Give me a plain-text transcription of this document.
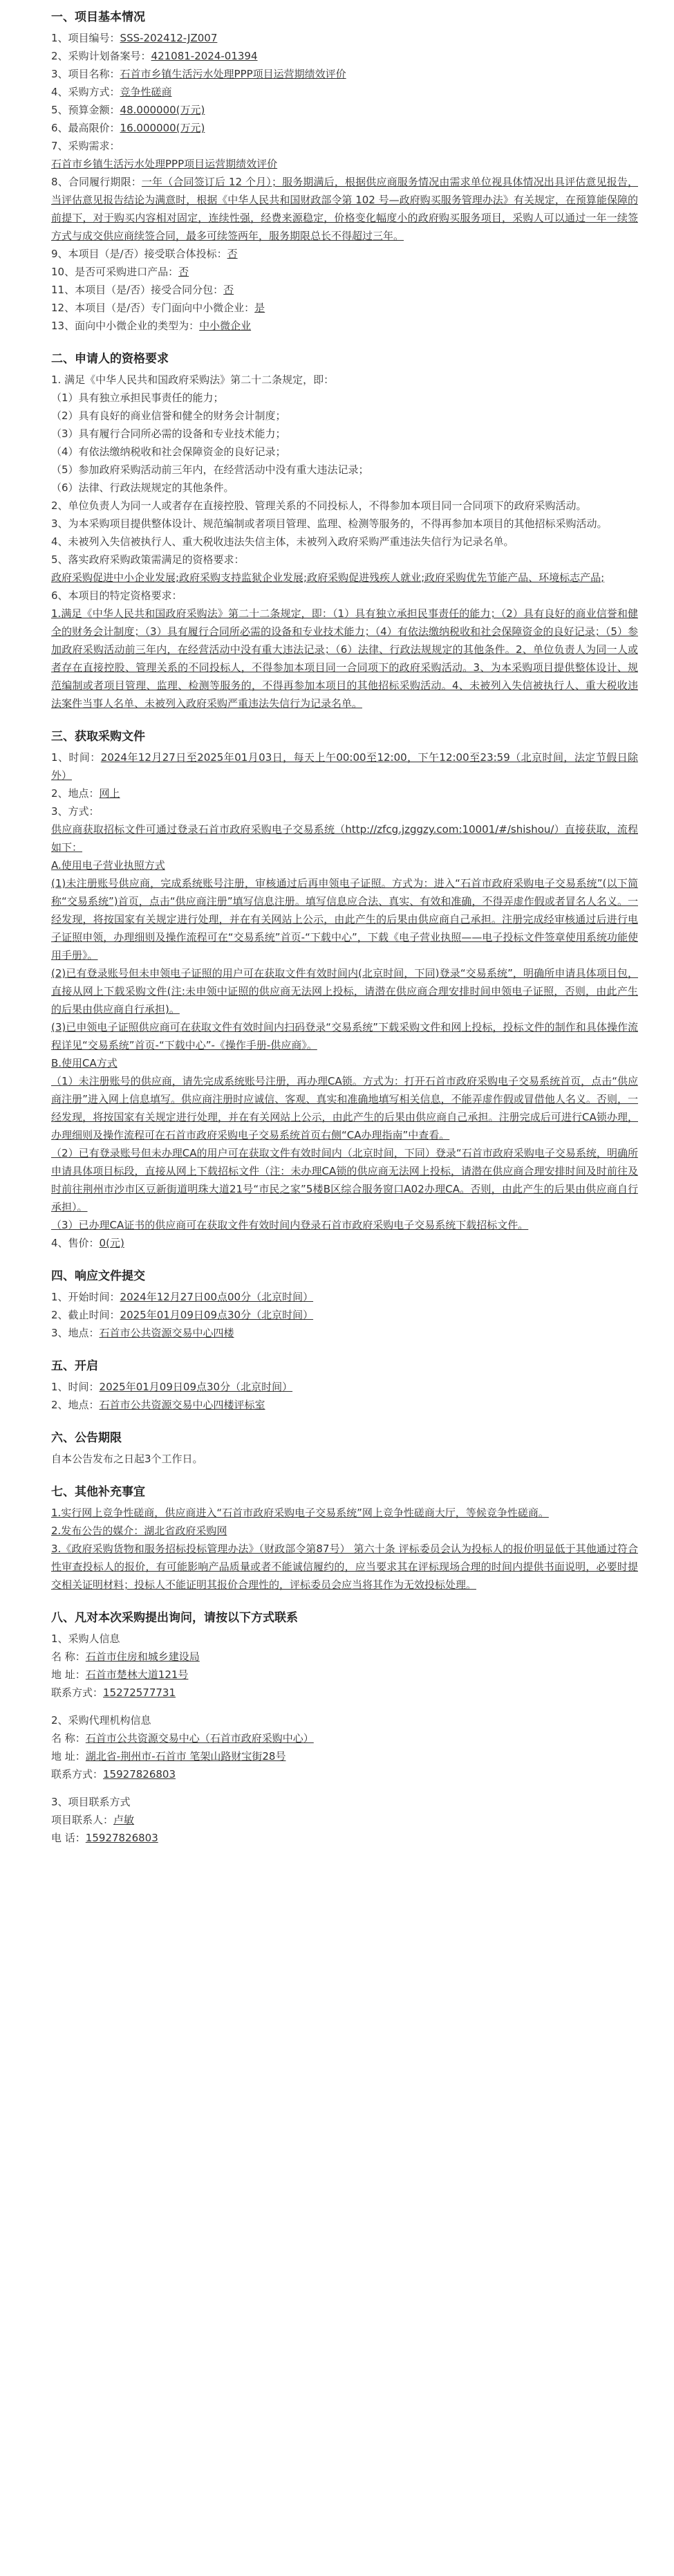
一、项目基本情况
1、项目编号：SSS-202412-JZ007
2、采购计划备案号：421081-2024-01394
3、项目名称：石首市乡镇生活污水处理PPP项目运营期绩效评价
4、采购方式：竞争性磋商
5、预算金额：48.000000(万元)
6、最高限价：16.000000(万元)
7、采购需求：
石首市乡镇生活污水处理PPP项目运营期绩效评价
8、合同履行期限：一年（合同签订后 12 个月）；服务期满后，根据供应商服务情况由需求单位视具体情况出具评估意见报告，当评估意见报告结论为满意时，根据《中华人民共和国财政部令第 102 号—政府购买服务管理办法》有关规定，在预算能保障的前提下，对于购买内容相对固定，连续性强，经费来源稳定，价格变化幅度小的政府购买服务项目，采购人可以通过一年一续签方式与成交供应商续签合同，最多可续签两年，服务期限总长不得超过三年。
9、本项目（是/否）接受联合体投标：否
10、是否可采购进口产品：否
11、本项目（是/否）接受合同分包：否
12、本项目（是/否）专门面向中小微企业：是
13、面向中小微企业的类型为：中小微企业
二、申请人的资格要求
1. 满足《中华人民共和国政府采购法》第二十二条规定，即：
（1）具有独立承担民事责任的能力；
（2）具有良好的商业信誉和健全的财务会计制度；
（3）具有履行合同所必需的设备和专业技术能力；
（4）有依法缴纳税收和社会保障资金的良好记录；
（5）参加政府采购活动前三年内，在经营活动中没有重大违法记录；
（6）法律、行政法规规定的其他条件。
2、单位负责人为同一人或者存在直接控股、管理关系的不同投标人，不得参加本项目同一合同项下的政府采购活动。
3、为本采购项目提供整体设计、规范编制或者项目管理、监理、检测等服务的，不得再参加本项目的其他招标采购活动。
4、未被列入失信被执行人、重大税收违法失信主体，未被列入政府采购严重违法失信行为记录名单。
5、落实政府采购政策需满足的资格要求：
政府采购促进中小企业发展;政府采购支持监狱企业发展;政府采购促进残疾人就业;政府采购优先节能产品、环境标志产品;
6、本项目的特定资格要求：
1.满足《中华人民共和国政府采购法》第二十二条规定，即：（1）具有独立承担民事责任的能力；（2）具有良好的商业信誉和健全的财务会计制度；（3）具有履行合同所必需的设备和专业技术能力；（4）有依法缴纳税收和社会保障资金的良好记录；（5）参加政府采购活动前三年内，在经营活动中没有重大违法记录；（6）法律、行政法规规定的其他条件。2、单位负责人为同一人或者存在直接控股、管理关系的不同投标人，不得参加本项目同一合同项下的政府采购活动。3、为本采购项目提供整体设计、规范编制或者项目管理、监理、检测等服务的，不得再参加本项目的其他招标采购活动。4、未被列入失信被执行人、重大税收违法案件当事人名单、未被列入政府采购严重违法失信行为记录名单。
三、获取采购文件
1、时间：2024年12月27日至2025年01月03日，每天上午00:00至12:00，下午12:00至23:59（北京时间，法定节假日除外）
2、地点：网上
3、方式：
供应商获取招标文件可通过登录石首市政府采购电子交易系统（http://zfcg.jzggzy.com:10001/#/shishou/）直接获取，流程如下：
A.使用电子营业执照方式
(1)未注册账号供应商，完成系统账号注册，审核通过后再申领电子证照。方式为：进入“石首市政府采购电子交易系统”(以下简称“交易系统”)首页，点击“供应商注册”填写信息注册。填写信息应合法、真实、有效和准确，不得弄虚作假或者冒名人名义。一经发现，将按国家有关规定进行处理，并在有关网站上公示，由此产生的后果由供应商自己承担。注册完成经审核通过后进行电子证照申领，办理细则及操作流程可在“交易系统”首页-“下载中心”，下载《电子营业执照——电子投标文件签章使用系统功能使用手册》。
(2)已有登录账号但未申领电子证照的用户可在获取文件有效时间内(北京时间，下同)登录“交易系统”，明确所申请具体项目包，直接从网上下载采购文件(注:未申领中证照的供应商无法网上投标，请潜在供应商合理安排时间申领电子证照，否则，由此产生的后果由供应商自行承担)。
(3)已申领电子证照供应商可在获取文件有效时间内扫码登录“交易系统”下载采购文件和网上投标，投标文件的制作和具体操作流程详见“交易系统”首页-“下载中心”-《操作手册-供应商》。
B.使用CA方式
（1）未注册账号的供应商，请先完成系统账号注册，再办理CA锁。方式为：打开石首市政府采购电子交易系统首页，点击“供应商注册”进入网上信息填写。供应商注册时应诚信、客观、真实和准确地填写相关信息，不能弄虚作假或冒借他人名义。否则，一经发现，将按国家有关规定进行处理，并在有关网站上公示，由此产生的后果由供应商自己承担。注册完成后可进行CA锁办理，办理细则及操作流程可在石首市政府采购电子交易系统首页右侧“CA办理指南”中查看。
（2）已有登录账号但未办理CA的用户可在获取文件有效时间内（北京时间，下同）登录“石首市政府采购电子交易系统，明确所申请具体项目标段，直接从网上下载招标文件（注：未办理CA锁的供应商无法网上投标，请潜在供应商合理安排时间及时前往及时前往荆州市沙市区豆新街道明珠大道21号“市民之家”5楼B区综合服务窗口A02办理CA。否则，由此产生的后果由供应商自行承担）。
（3）已办理CA证书的供应商可在获取文件有效时间内登录石首市政府采购电子交易系统下载招标文件。
4、售价：0(元)
四、响应文件提交
1、开始时间：2024年12月27日00点00分（北京时间）
2、截止时间：2025年01月09日09点30分（北京时间）
3、地点：石首市公共资源交易中心四楼
五、开启
1、时间：2025年01月09日09点30分（北京时间）
2、地点：石首市公共资源交易中心四楼评标室
六、公告期限
自本公告发布之日起3个工作日。
七、其他补充事宜
1.实行网上竞争性磋商，供应商进入“石首市政府采购电子交易系统”网上竞争性磋商大厅，等候竞争性磋商。
2.发布公告的媒介：湖北省政府采购网
3.《政府采购货物和服务招标投标管理办法》（财政部令第87号） 第六十条 评标委员会认为投标人的报价明显低于其他通过符合性审查投标人的报价，有可能影响产品质量或者不能诚信履约的，应当要求其在评标现场合理的时间内提供书面说明，必要时提交相关证明材料；投标人不能证明其报价合理性的，评标委员会应当将其作为无效投标处理。
八、凡对本次采购提出询问，请按以下方式联系
1、采购人信息
名 称：石首市住房和城乡建设局
地 址：石首市楚林大道121号
联系方式：15272577731
2、采购代理机构信息
名 称：石首市公共资源交易中心（石首市政府采购中心）
地 址：湖北省-荆州市-石首市 笔架山路财宝街28号
联系方式：15927826803
3、项目联系方式
项目联系人：卢敏
电 话：15927826803
